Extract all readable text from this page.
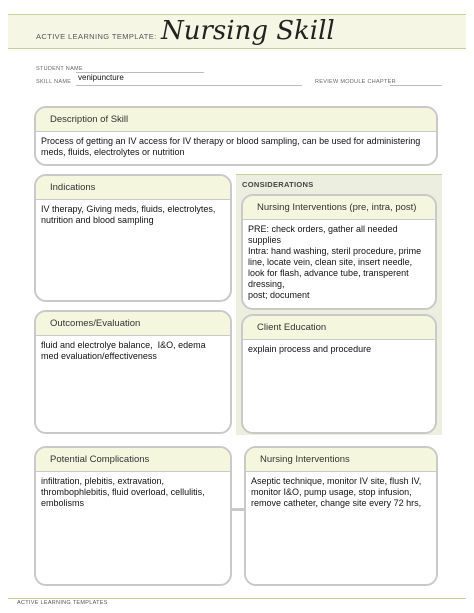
ACTIVE LEARNING TEMPLATE: Nursing Skill
STUDENT NAME
SKILL NAME venipuncture	REVIEW MODULE CHAPTER
Description of Skill
Process of getting an IV access for IV therapy or blood sampling, can be used for administering meds, fluids, electrolytes or nutrition
CONSIDERATIONS
Indications
IV therapy, Giving meds, fluids, electrolytes, nutrition and blood sampling
Nursing Interventions (pre, intra, post)
PRE: check orders, gather all needed supplies
Intra: hand washing, steril procedure, prime line, locate vein, clean site, insert needle, look for flash, advance tube, transperent dressing,
post; document
Outcomes/Evaluation
fluid and electrolye balance,  I&O, edema med evaluation/effectiveness
Client Education
explain process and procedure
Potential Complications
infiltration, plebitis, extravation, thrombophlebitis, fluid overload, cellulitis, embolisms
Nursing Interventions
Aseptic technique, monitor IV site, flush IV, monitor I&O, pump usage, stop infusion, remove catheter, change site every 72 hrs,
ACTIVE LEARNING TEMPLATES
